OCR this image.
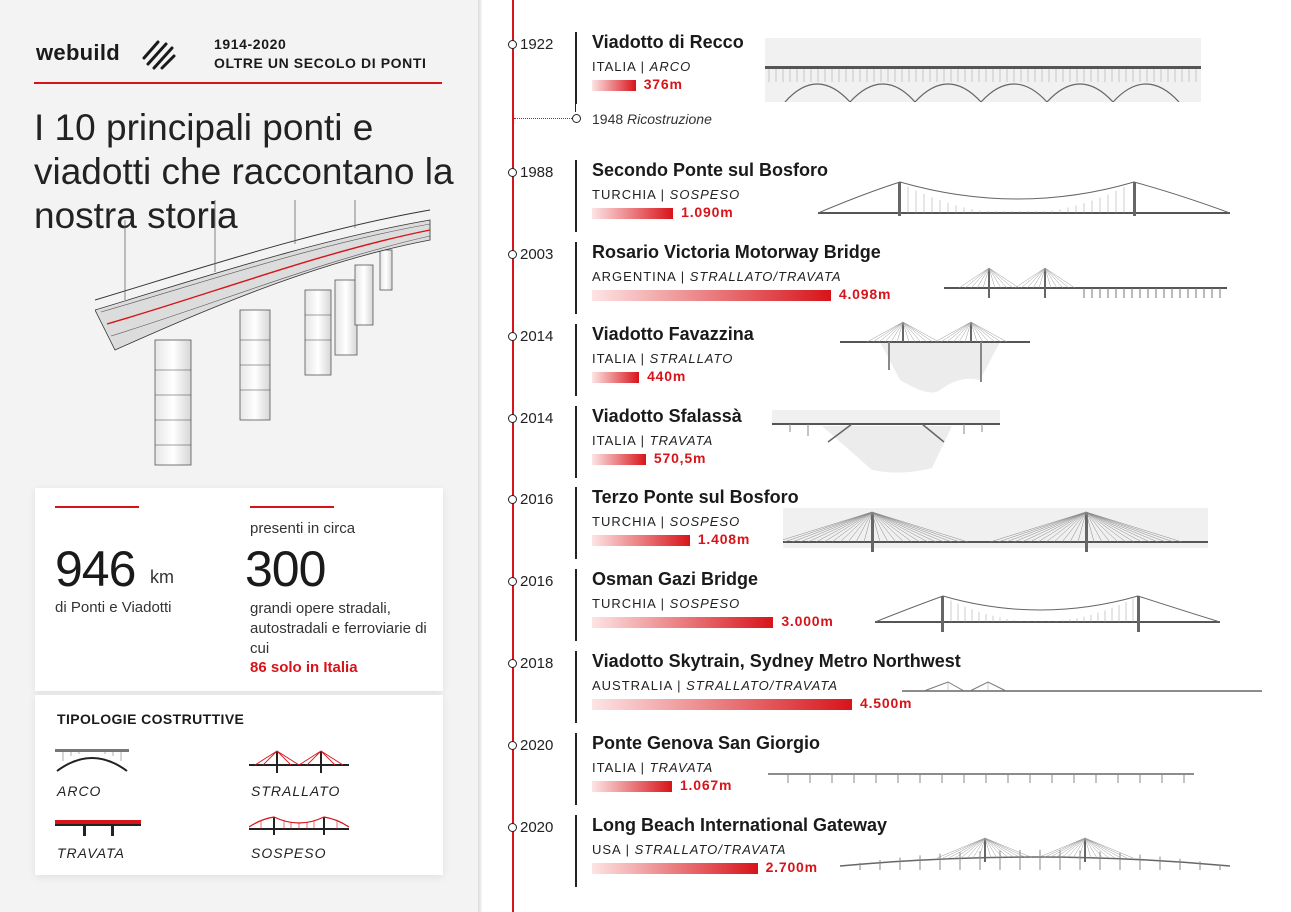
webuild	1914-2020
OLTRE UN SECOLO DI PONTI
I 10 principali ponti e viadotti che raccontano la nostra storia
946 km
di Ponti e Viadotti
presenti in circa
300
grandi opere stradali, autostradali e ferroviarie di cui
86 solo in Italia
TIPOLOGIE COSTRUTTIVE
ARCO	STRALLATO
TRAVATA	SOSPESO
1948 Ricostruzione
1922 Viadotto di Recco
ITALIA | ARCO
376m
1988 Secondo Ponte sul Bosforo
TURCHIA | SOSPESO
1.090m
2003 Rosario Victoria Motorway Bridge
ARGENTINA | STRALLATO/TRAVATA
4.098m
2014 Viadotto Favazzina
ITALIA | STRALLATO
440m
2014 Viadotto Sfalassà
ITALIA | TRAVATA
570,5m
2016 Terzo Ponte sul Bosforo
TURCHIA | SOSPESO
1.408m
2016 Osman Gazi Bridge
TURCHIA | SOSPESO
3.000m
2018 Viadotto Skytrain, Sydney Metro Northwest
AUSTRALIA | STRALLATO/TRAVATA
4.500m
2020 Ponte Genova San Giorgio
ITALIA | TRAVATA
1.067m
2020 Long Beach International Gateway
USA | STRALLATO/TRAVATA
2.700m
